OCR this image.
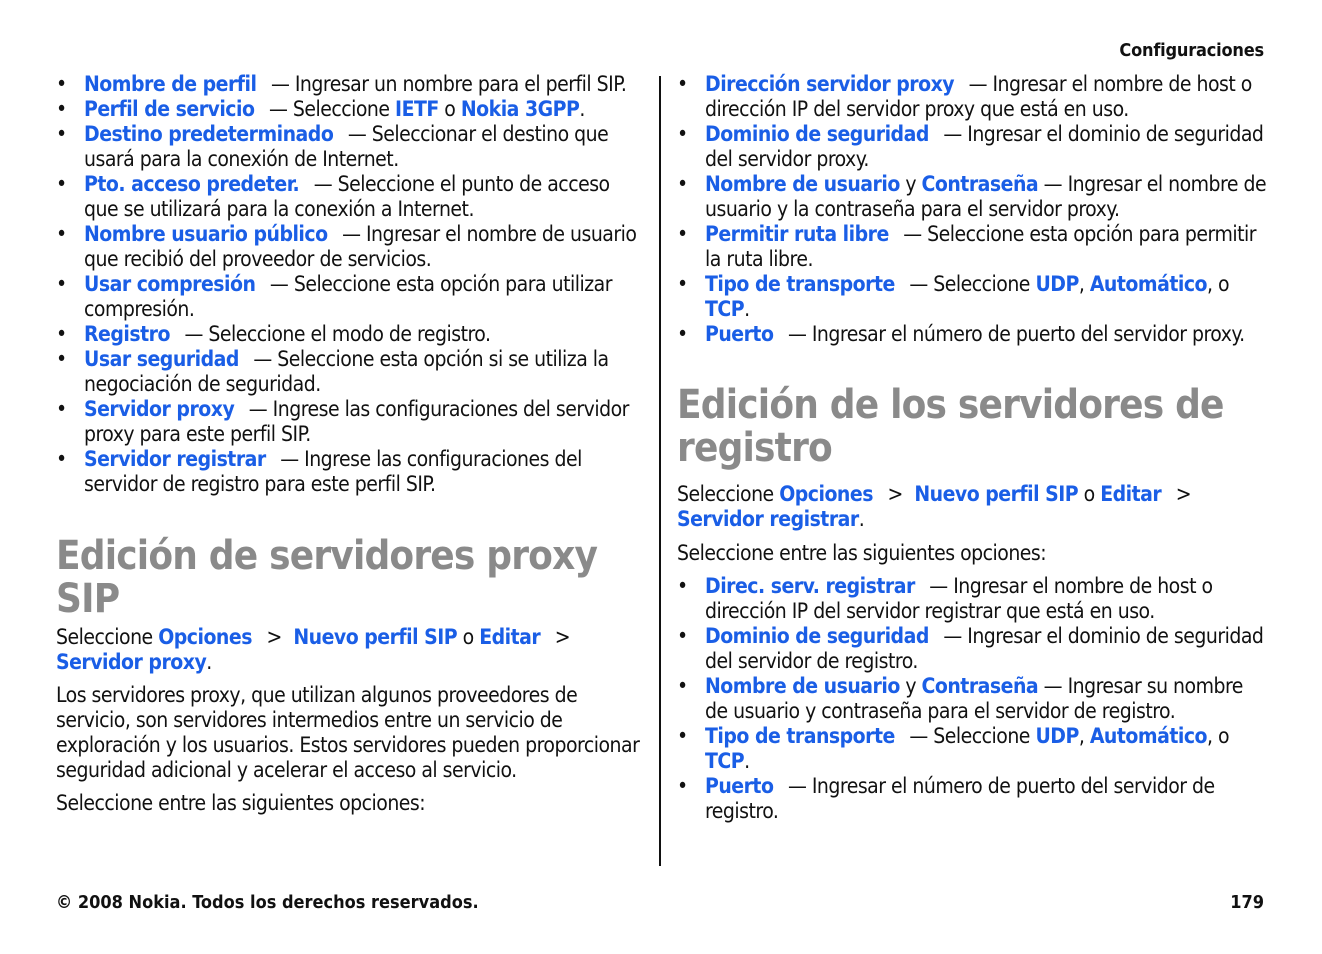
Configuraciones
• Nombre de perfil — Ingresar un nombre para el perfil SIP.
• Perfil de servicio — Seleccione IETF o Nokia 3GPP.
• Destino predeterminado — Seleccionar el destino que usará para la conexión de Internet.
• Pto. acceso predeter. — Seleccione el punto de acceso que se utilizará para la conexión a Internet.
• Nombre usuario público — Ingresar el nombre de usuario que recibió del proveedor de servicios.
• Usar compresión — Seleccione esta opción para utilizar compresión.
• Registro — Seleccione el modo de registro.
• Usar seguridad — Seleccione esta opción si se utiliza la negociación de seguridad.
• Servidor proxy — Ingrese las configuraciones del servidor proxy para este perfil SIP.
• Servidor registrar — Ingrese las configuraciones del servidor de registro para este perfil SIP.
Edición de servidores proxy SIP

Seleccione Opciones > Nuevo perfil SIP o Editar > Servidor proxy.

Los servidores proxy, que utilizan algunos proveedores de servicio, son servidores intermedios entre un servicio de exploración y los usuarios. Estos servidores pueden proporcionar seguridad adicional y acelerar el acceso al servicio.

Seleccione entre las siguientes opciones:

• Dirección servidor proxy — Ingresar el nombre de host o dirección IP del servidor proxy que está en uso.
• Dominio de seguridad — Ingresar el dominio de seguridad del servidor proxy.
• Nombre de usuario y Contraseña — Ingresar el nombre de usuario y la contraseña para el servidor proxy.
• Permitir ruta libre — Seleccione esta opción para permitir la ruta libre.
• Tipo de transporte — Seleccione UDP, Automático, o TCP.
• Puerto — Ingresar el número de puerto del servidor proxy.
Edición de los servidores de registro

Seleccione Opciones > Nuevo perfil SIP o Editar > Servidor registrar.

Seleccione entre las siguientes opciones:

• Direc. serv. registrar — Ingresar el nombre de host o dirección IP del servidor registrar que está en uso.
• Dominio de seguridad — Ingresar el dominio de seguridad del servidor de registro.
• Nombre de usuario y Contraseña — Ingresar su nombre de usuario y contraseña para el servidor de registro.
• Tipo de transporte — Seleccione UDP, Automático, o TCP.
• Puerto — Ingresar el número de puerto del servidor de registro.
© 2008 Nokia. Todos los derechos reservados.	179
